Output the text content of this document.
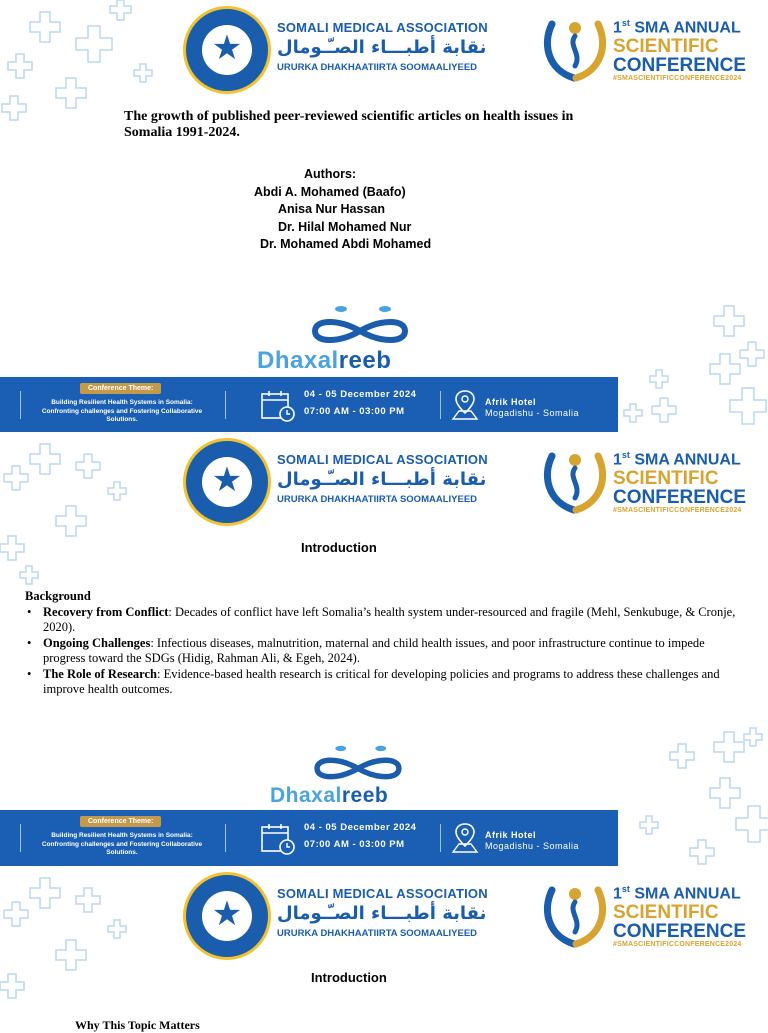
★
SOMALI MEDICAL ASSOCIATION
نقابة أطبـــاء الصـّـومال
URURKA DHAKHAATIIRTA SOOMAALIYEED
1st SMA ANNUAL
SCIENTIFIC
CONFERENCE
#SMASCIENTIFICCONFERENCE2024
The growth of published peer-reviewed scientific articles on health issues in Somalia 1991-2024.
Authors:
Abdi A. Mohamed (Baafo)
Anisa Nur Hassan
Dr. Hilal Mohamed Nur
Dr. Mohamed Abdi Mohamed
Dhaxalreeb
Conference Theme:
Building Resilient Health Systems in Somalia: Confronting challenges and Fostering Collaborative Solutions.
04 - 05 December 2024
07:00 AM - 03:00 PM
Afrik Hotel
Mogadishu - Somalia
★
SOMALI MEDICAL ASSOCIATION
نقابة أطبـــاء الصـّـومال
URURKA DHAKHAATIIRTA SOOMAALIYEED
1st SMA ANNUAL
SCIENTIFIC
CONFERENCE
#SMASCIENTIFICCONFERENCE2024
Introduction
Background
• Recovery from Conflict: Decades of conflict have left Somalia’s health system under-resourced and fragile (Mehl, Senkubuge, & Cronje, 2020).
• Ongoing Challenges: Infectious diseases, malnutrition, maternal and child health issues, and poor infrastructure continue to impede progress toward the SDGs (Hidig, Rahman Ali, & Egeh, 2024).
• The Role of Research: Evidence-based health research is critical for developing policies and programs to address these challenges and improve health outcomes.
Dhaxalreeb
Conference Theme:
Building Resilient Health Systems in Somalia: Confronting challenges and Fostering Collaborative Solutions.
04 - 05 December 2024
07:00 AM - 03:00 PM
Afrik Hotel
Mogadishu - Somalia
★
SOMALI MEDICAL ASSOCIATION
نقابة أطبـــاء الصـّـومال
URURKA DHAKHAATIIRTA SOOMAALIYEED
1st SMA ANNUAL
SCIENTIFIC
CONFERENCE
#SMASCIENTIFICCONFERENCE2024
Introduction
Why This Topic Matters
